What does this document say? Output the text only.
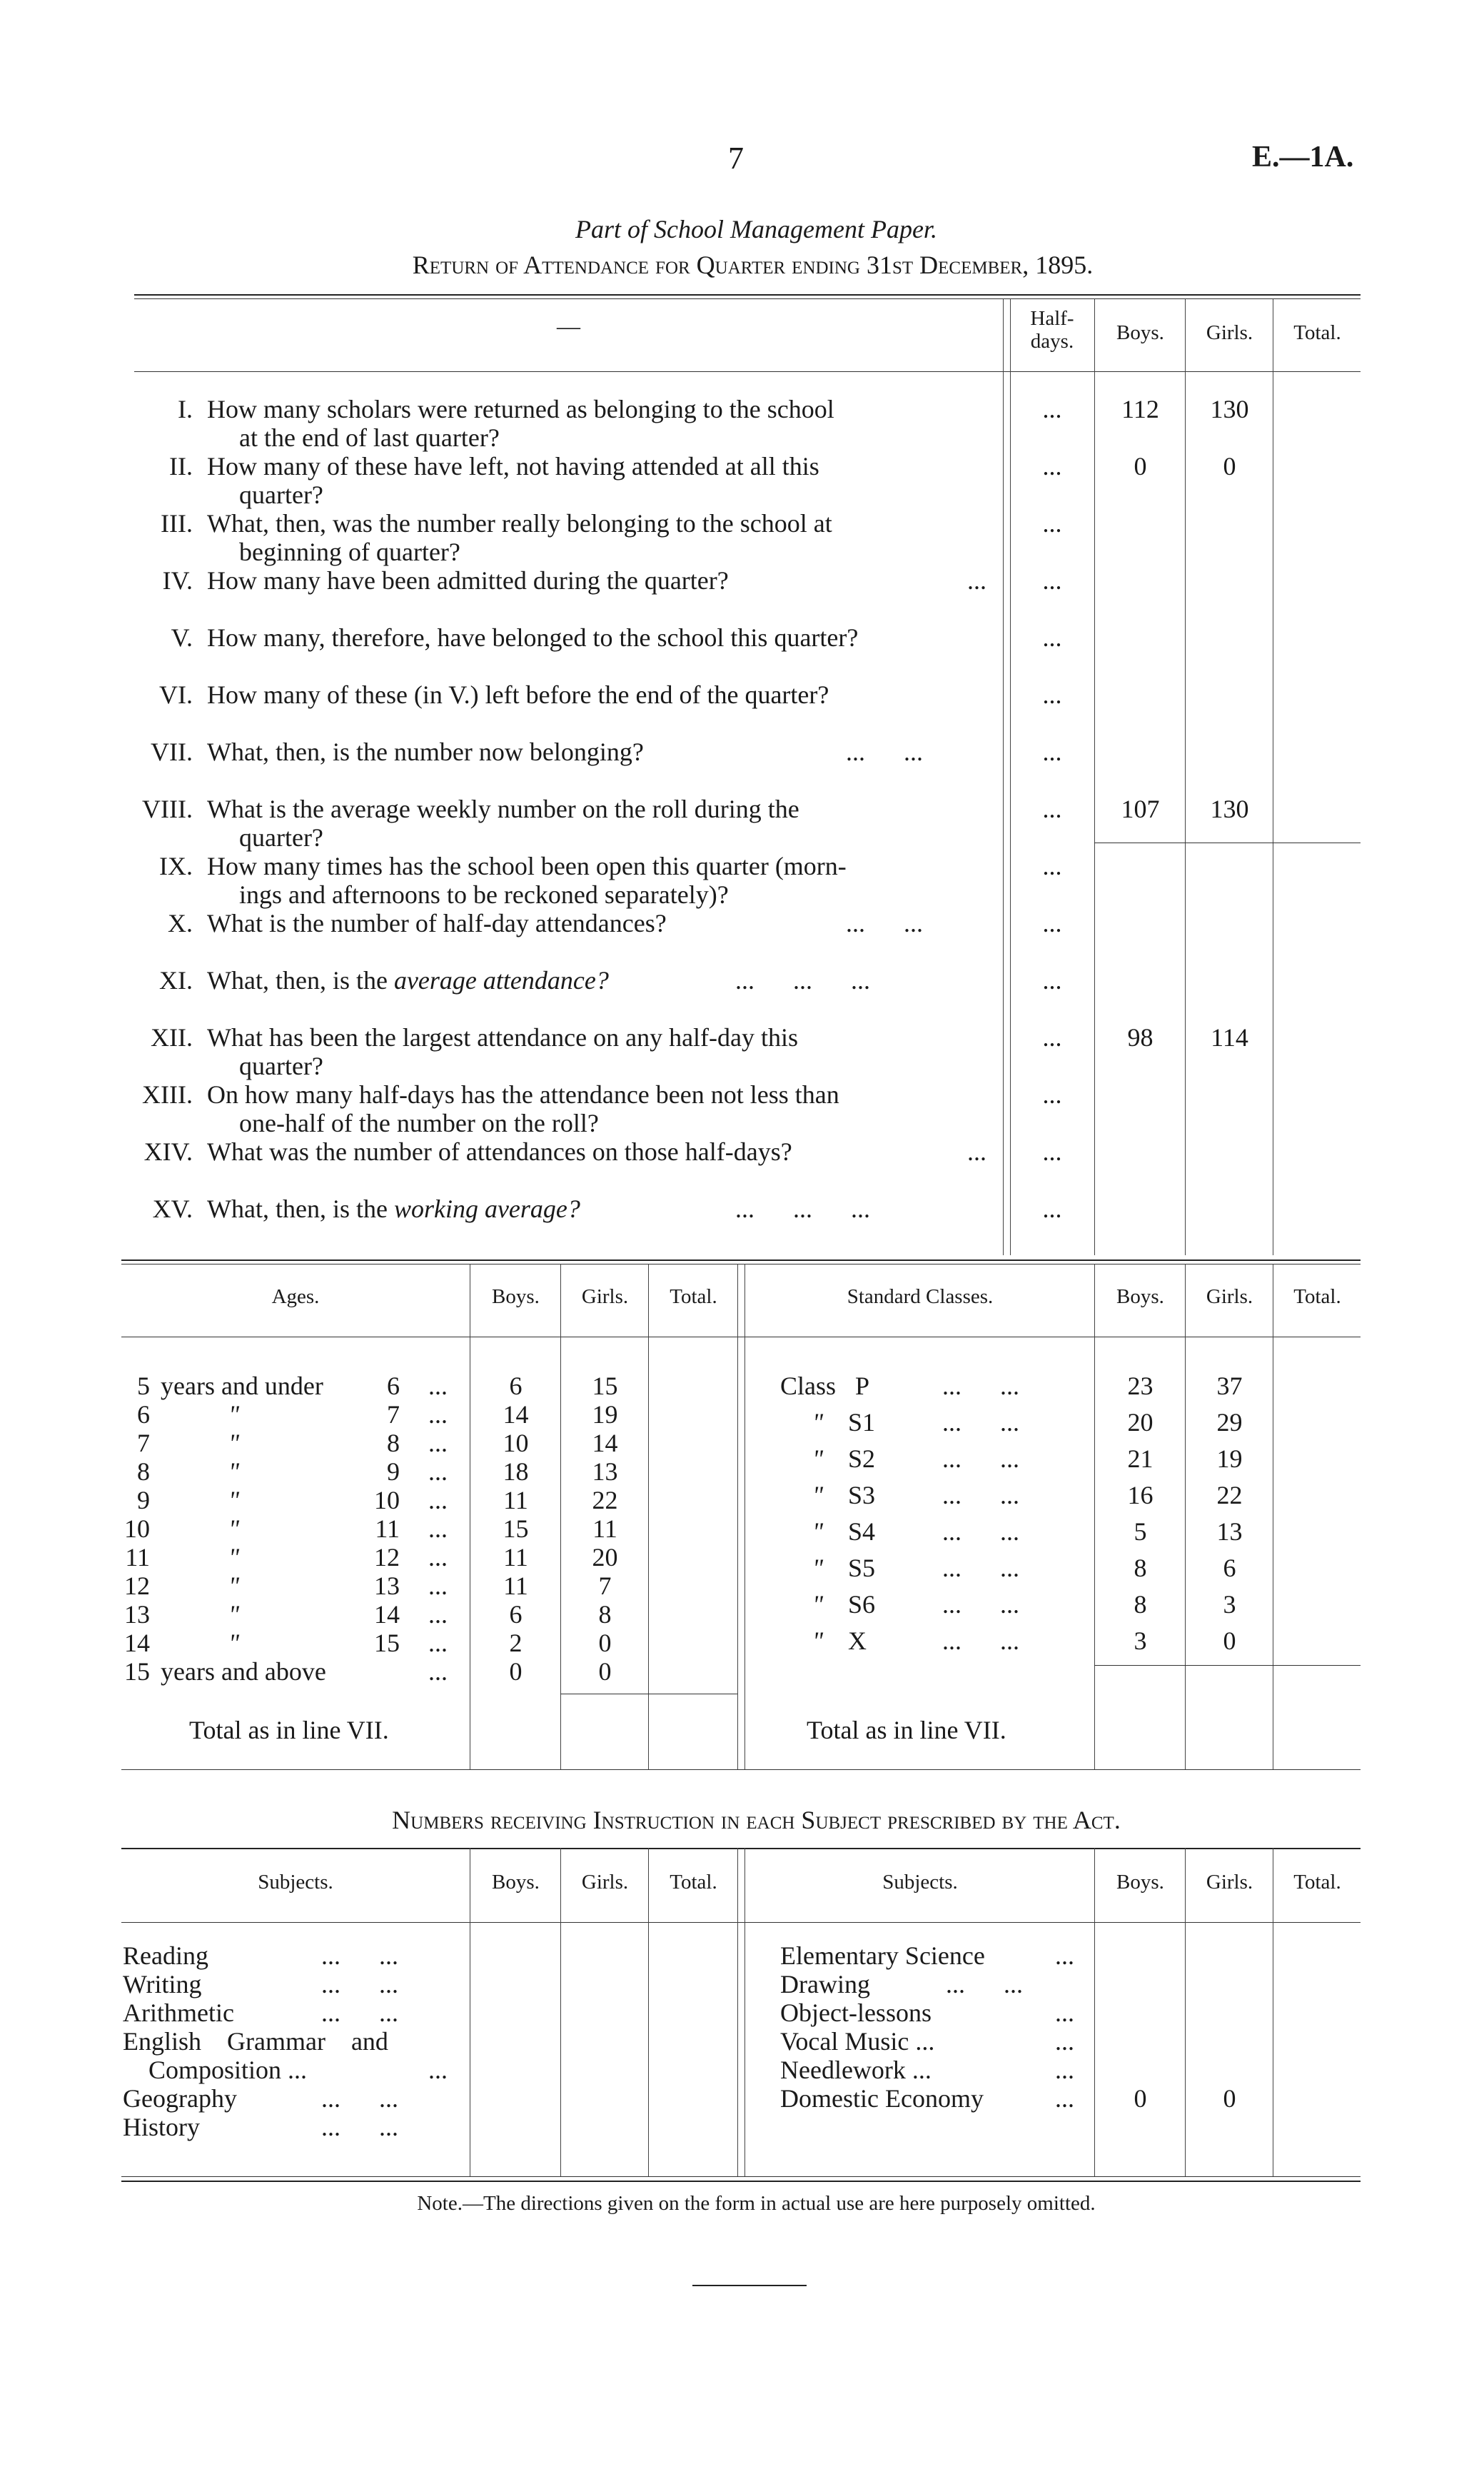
7	E.—1A.
Part of School Management Paper.
Return of Attendance for Quarter ending 31st December, 1895.
—	Half-
days.	Boys.	Girls.	Total.
I. How many scholars were returned as belonging to the school
at the end of last quarter?
...	112	130
II. How many of these have left, not having attended at all this
quarter?
...	0	0
III. What, then, was the number really belonging to the school at
beginning of quarter?
...
IV. How many have been admitted during the quarter?	...	...
V. How many, therefore, have belonged to the school this quarter?	...
VI. How many of these (in V.) left before the end of the quarter?	...
VII. What, then, is the number now belonging?	...      ...	...
VIII. What is the average weekly number on the roll during the
quarter?
...	107	130
IX. How many times has the school been open this quarter (morn-
ings and afternoons to be reckoned separately)?
...
X. What is the number of half-day attendances?	...      ...	...
XI. What, then, is the average attendance?	...      ...      ...	...
XII. What has been the largest attendance on any half-day this
quarter?
...	98	114
XIII. On how many half-days has the attendance been not less than
one-half of the number on the roll?
...
XIV. What was the number of attendances on those half-days?	...	...
XV. What, then, is the working average?	...      ...      ...	...
Ages.	Boys.	Girls.	Total.	Standard Classes.	Boys.	Girls.	Total.
5 years and under	6 ...	6	15
6	"	7 ...	14	19
7	"	8 ...	10	14
8	"	9 ...	18	13
9	"	10 ...	11	22
10	"	11 ...	15	11
11	"	12 ...	11	20
12	"	13 ...	11	7
13	"	14 ...	6	8
14	"	15 ...	2	0
15 years and above	...	0	0
Total as in line VII.
Class P	...      ...	23	37
" S1	...      ...	20	29
" S2	...      ...	21	19
" S3	...      ...	16	22
" S4	...      ...	5	13
" S5	...      ...	8	6
" S6	...      ...	8	3
" X	...      ...	3	0
Total as in line VII.
Numbers receiving Instruction in each Subject prescribed by the Act.
Subjects.	Boys.	Girls.	Total.	Subjects.	Boys.	Girls.	Total.
Reading	...      ...
Writing	...      ...
Arithmetic	...      ...
English    Grammar    and
Composition ...	...
Geography	...      ...
History	...      ...
Elementary Science	...
Drawing	...      ...
Object-lessons	...
Vocal Music ...	...
Needlework ...	...
Domestic Economy	...	0	0
Note.—The directions given on the form in actual use are here purposely omitted.
